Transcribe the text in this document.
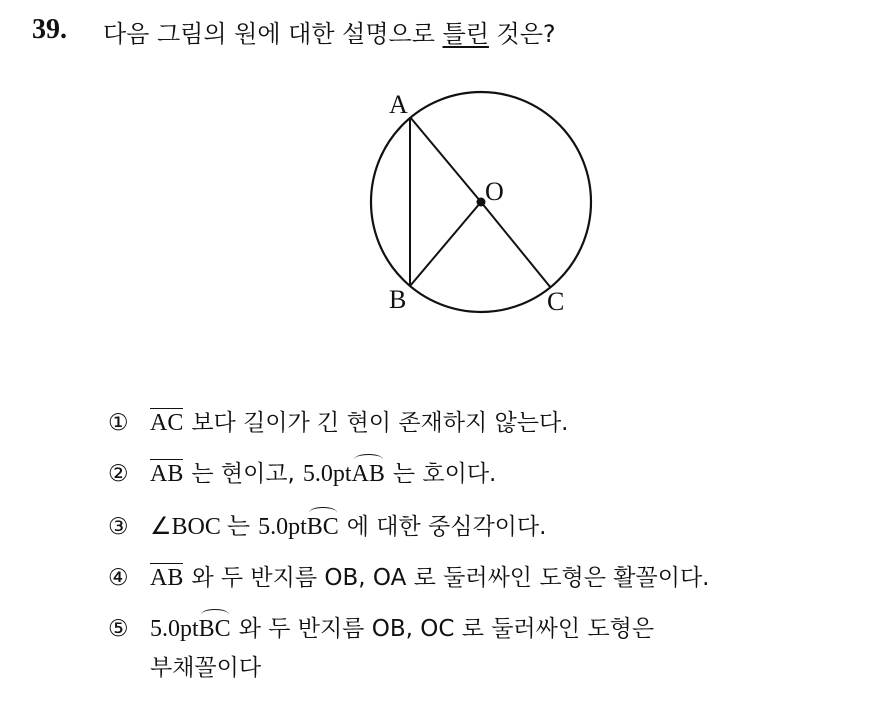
39. 다음 그림의 원에 대한 설명으로 틀린 것은?
A
O
B	C
① AC 보다 길이가 긴 현이 존재하지 않는다.
② AB 는 현이고, 5.0pt AB 는 호이다.
③ ∠BOC 는 5.0pt BC 에 대한 중심각이다.
④ AB 와 두 반지름 OB, OA 로 둘러싸인 도형은 활꼴이다.
⑤ 5.0pt BC 와 두 반지름 OB, OC 로 둘러싸인 도형은
부채꼴이다
